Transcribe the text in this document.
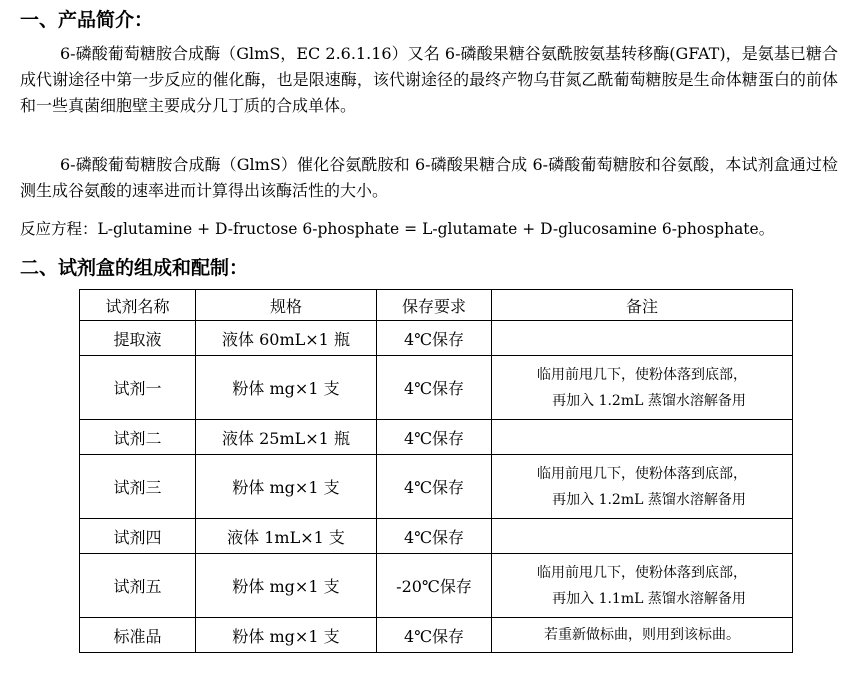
一、产品简介：

6-磷酸葡萄糖胺合成酶（GlmS，EC 2.6.1.16）又名 6-磷酸果糖谷氨酰胺氨基转移酶(GFAT)，是氨基已糖合成代谢途径中第一步反应的催化酶，也是限速酶，该代谢途径的最终产物乌苷氮乙酰葡萄糖胺是生命体糖蛋白的前体和一些真菌细胞壁主要成分几丁质的合成单体。

6-磷酸葡萄糖胺合成酶（GlmS）催化谷氨酰胺和 6-磷酸果糖合成 6-磷酸葡萄糖胺和谷氨酸，本试剂盒通过检测生成谷氨酸的速率进而计算得出该酶活性的大小。

反应方程：L-glutamine + D-fructose 6-phosphate = L-glutamate + D-glucosamine 6-phosphate。

二、试剂盒的组成和配制：
试剂名称	规格	保存要求	备注
提取液	液体 60mL×1 瓶	4℃保存	
试剂一	粉体 mg×1 支	4℃保存	临用前甩几下，使粉体落到底部，
再加入 1.2mL 蒸馏水溶解备用

试剂二	液体 25mL×1 瓶	4℃保存	
试剂三	粉体 mg×1 支	4℃保存	临用前甩几下，使粉体落到底部，
再加入 1.2mL 蒸馏水溶解备用

试剂四	液体 1mL×1 支	4℃保存	
试剂五	粉体 mg×1 支	-20℃保存	临用前甩几下，使粉体落到底部，
再加入 1.1mL 蒸馏水溶解备用

标准品	粉体 mg×1 支	4℃保存	若重新做标曲，则用到该标曲。
